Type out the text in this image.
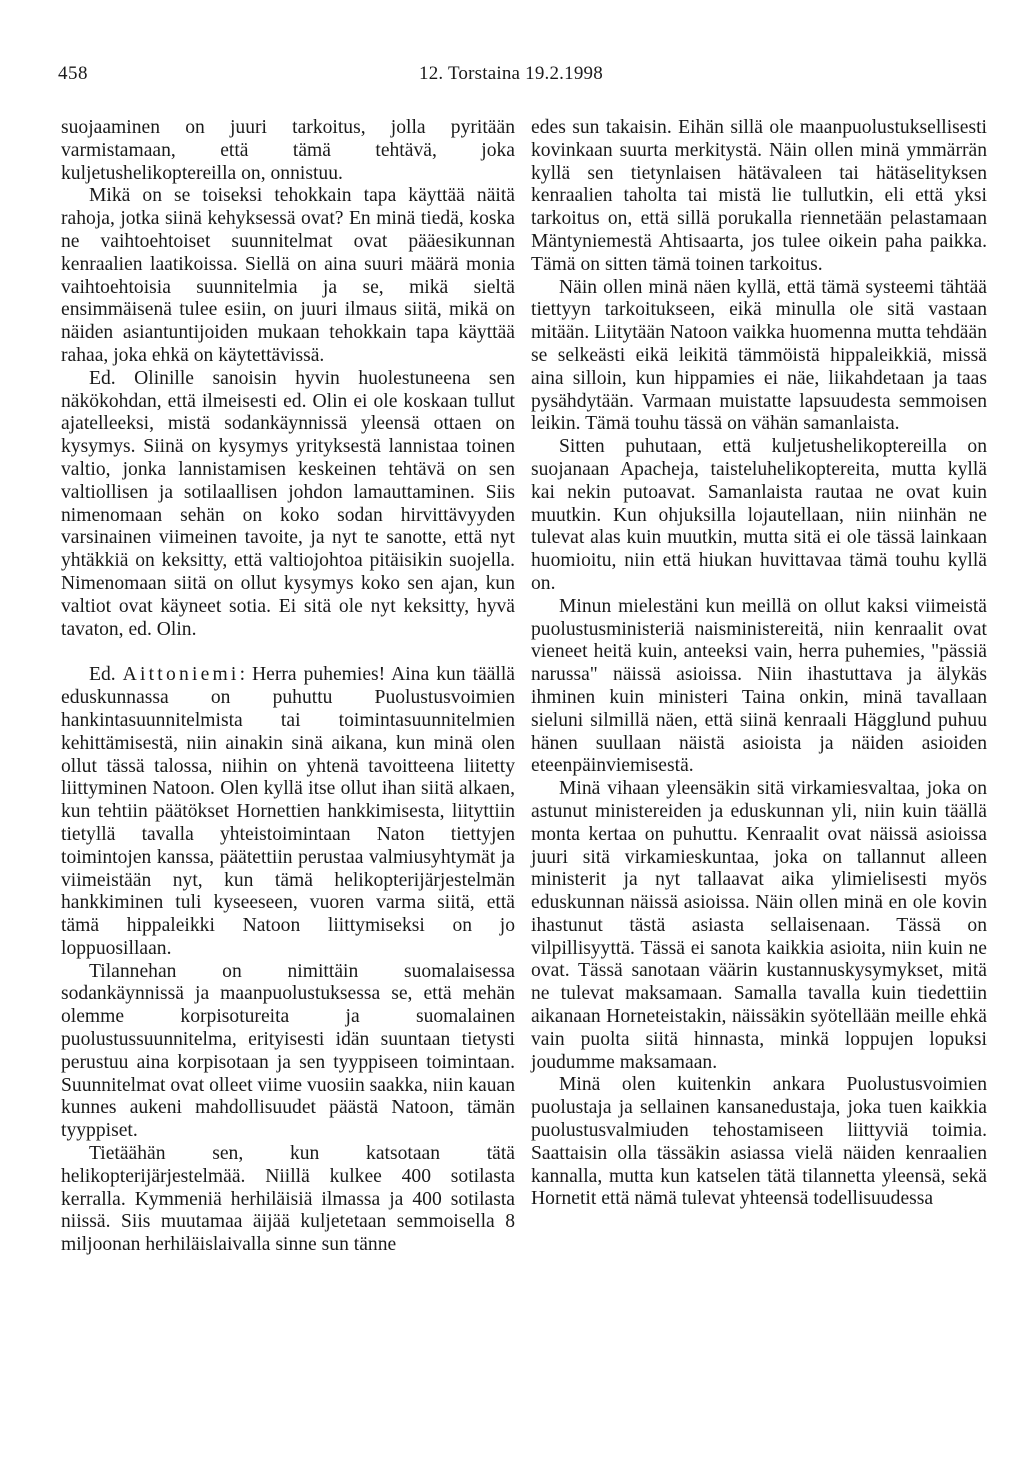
458	12. Torstaina 19.2.1998

suojaaminen on juuri tarkoitus, jolla pyritään varmistamaan, että tämä tehtävä, joka kuljetushelikoptereilla on, onnistuu.

Mikä on se toiseksi tehokkain tapa käyttää näitä rahoja, jotka siinä kehyksessä ovat? En minä tiedä, koska ne vaihtoehtoiset suunnitelmat ovat pääesikunnan kenraalien laatikoissa. Siellä on aina suuri määrä monia vaihtoehtoisia suunnitelmia ja se, mikä sieltä ensimmäisenä tulee esiin, on juuri ilmaus siitä, mikä on näiden asiantuntijoiden mukaan tehokkain tapa käyttää rahaa, joka ehkä on käytettävissä.

Ed. Olinille sanoisin hyvin huolestuneena sen näkökohdan, että ilmeisesti ed. Olin ei ole koskaan tullut ajatelleeksi, mistä sodankäynnissä yleensä ottaen on kysymys. Siinä on kysymys yrityksestä lannistaa toinen valtio, jonka lannistamisen keskeinen tehtävä on sen valtiollisen ja sotilaallisen johdon lamauttaminen. Siis nimenomaan sehän on koko sodan hirvittävyyden varsinainen viimeinen tavoite, ja nyt te sanotte, että nyt yhtäkkiä on keksitty, että valtiojohtoa pitäisikin suojella. Nimenomaan siitä on ollut kysymys koko sen ajan, kun valtiot ovat käyneet sotia. Ei sitä ole nyt keksitty, hyvä tavaton, ed. Olin.

Ed. Aittoniemi: Herra puhemies! Aina kun täällä eduskunnassa on puhuttu Puolustusvoimien hankintasuunnitelmista tai toimintasuunnitelmien kehittämisestä, niin ainakin sinä aikana, kun minä olen ollut tässä talossa, niihin on yhtenä tavoitteena liitetty liittyminen Natoon. Olen kyllä itse ollut ihan siitä alkaen, kun tehtiin päätökset Hornettien hankkimisesta, liityttiin tietyllä tavalla yhteistoimintaan Naton tiettyjen toimintojen kanssa, päätettiin perustaa valmiusyhtymät ja viimeistään nyt, kun tämä helikopterijärjestelmän hankkiminen tuli kyseeseen, vuoren varma siitä, että tämä hippaleikki Natoon liittymiseksi on jo loppuosillaan.

Tilannehan on nimittäin suomalaisessa sodankäynnissä ja maanpuolustuksessa se, että mehän olemme korpisotureita ja suomalainen puolustussuunnitelma, erityisesti idän suuntaan tietysti perustuu aina korpisotaan ja sen tyyppiseen toimintaan. Suunnitelmat ovat olleet viime vuosiin saakka, niin kauan kunnes aukeni mahdollisuudet päästä Natoon, tämän tyyppiset.

Tietäähän sen, kun katsotaan tätä helikopterijärjestelmää. Niillä kulkee 400 sotilasta kerralla. Kymmeniä herhiläisiä ilmassa ja 400 sotilasta niissä. Siis muutamaa äijää kuljetetaan semmoisella 8 miljoonan herhiläislaivalla sinne sun tänne

edes sun takaisin. Eihän sillä ole maanpuolustuksellisesti kovinkaan suurta merkitystä. Näin ollen minä ymmärrän kyllä sen tietynlaisen hätävaleen tai hätäselityksen kenraalien taholta tai mistä lie tullutkin, eli että yksi tarkoitus on, että sillä porukalla riennetään pelastamaan Mäntyniemestä Ahtisaarta, jos tulee oikein paha paikka. Tämä on sitten tämä toinen tarkoitus.

Näin ollen minä näen kyllä, että tämä systeemi tähtää tiettyyn tarkoitukseen, eikä minulla ole sitä vastaan mitään. Liitytään Natoon vaikka huomenna mutta tehdään se selkeästi eikä leikitä tämmöistä hippaleikkiä, missä aina silloin, kun hippamies ei näe, liikahdetaan ja taas pysähdytään. Varmaan muistatte lapsuudesta semmoisen leikin. Tämä touhu tässä on vähän samanlaista.

Sitten puhutaan, että kuljetushelikoptereilla on suojanaan Apacheja, taisteluhelikoptereita, mutta kyllä kai nekin putoavat. Samanlaista rautaa ne ovat kuin muutkin. Kun ohjuksilla lojautellaan, niin niinhän ne tulevat alas kuin muutkin, mutta sitä ei ole tässä lainkaan huomioitu, niin että hiukan huvittavaa tämä touhu kyllä on.

Minun mielestäni kun meillä on ollut kaksi viimeistä puolustusministeriä naisministereitä, niin kenraalit ovat vieneet heitä kuin, anteeksi vain, herra puhemies, "pässiä narussa" näissä asioissa. Niin ihastuttava ja älykäs ihminen kuin ministeri Taina onkin, minä tavallaan sieluni silmillä näen, että siinä kenraali Hägglund puhuu hänen suullaan näistä asioista ja näiden asioiden eteenpäinviemisestä.

Minä vihaan yleensäkin sitä virkamiesvaltaa, joka on astunut ministereiden ja eduskunnan yli, niin kuin täällä monta kertaa on puhuttu. Kenraalit ovat näissä asioissa juuri sitä virkamieskuntaa, joka on tallannut alleen ministerit ja nyt tallaavat aika ylimielisesti myös eduskunnan näissä asioissa. Näin ollen minä en ole kovin ihastunut tästä asiasta sellaisenaan. Tässä on vilpillisyyttä. Tässä ei sanota kaikkia asioita, niin kuin ne ovat. Tässä sanotaan väärin kustannuskysymykset, mitä ne tulevat maksamaan. Samalla tavalla kuin tiedettiin aikanaan Horneteistakin, näissäkin syötellään meille ehkä vain puolta siitä hinnasta, minkä loppujen lopuksi joudumme maksamaan.

Minä olen kuitenkin ankara Puolustusvoimien puolustaja ja sellainen kansanedustaja, joka tuen kaikkia puolustusvalmiuden tehostamiseen liittyviä toimia. Saattaisin olla tässäkin asiassa vielä näiden kenraalien kannalla, mutta kun katselen tätä tilannetta yleensä, sekä Hornetit että nämä tulevat yhteensä todellisuudessa
